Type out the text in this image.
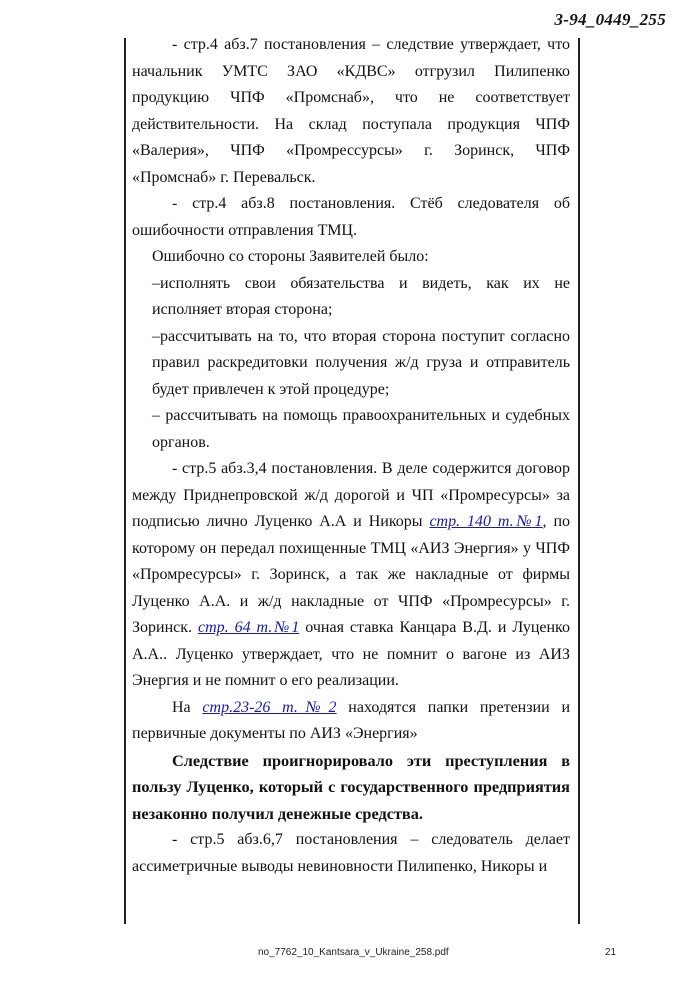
3-94_0449_255

- стр.4 абз.7 постановления – следствие утверждает, что начальник УМТС ЗАО «КДВС» отгрузил Пилипенко продукцию ЧПФ «Промснаб», что не соответствует действительности. На склад поступала продукция ЧПФ «Валерия», ЧПФ «Промрессурсы» г. Зоринск, ЧПФ «Промснаб» г. Перевальск.

- стр.4 абз.8 постановления. Стёб следователя об ошибочности отправления ТМЦ.

Ошибочно со стороны Заявителей было:

–исполнять свои обязательства и видеть, как их не исполняет вторая сторона;

–рассчитывать на то, что вторая сторона поступит согласно правил раскредитовки получения ж/д груза и отправитель будет привлечен к этой процедуре;

– рассчитывать на помощь правоохранительных и судебных органов.

- стр.5 абз.3,4 постановления. В деле содержится договор между Приднепровской ж/д дорогой и ЧП «Промресурсы» за подписью лично Луценко А.А и Никоры стр. 140 т.№1, по которому он передал похищенные ТМЦ «АИЗ Энергия» у ЧПФ «Промресурсы» г. Зоринск, а так же накладные от фирмы Луценко А.А. и ж/д накладные от ЧПФ «Промресурсы» г. Зоринск. стр. 64 т.№1 очная ставка Канцара В.Д. и Луценко А.А.. Луценко утверждает, что не помнит о вагоне из АИЗ Энергия и не помнит о его реализации.

На стр.23-26 т.№2 находятся папки претензии и первичные документы по АИЗ «Энергия»

Следствие проигнорировало эти преступления в пользу Луценко, который с государственного предприятия незаконно получил денежные средства.

- стр.5 абз.6,7 постановления – следователь делает ассиметричные выводы невиновности Пилипенко, Никоры и

no_7762_10_Kantsara_v_Ukraine_258.pdf	21
